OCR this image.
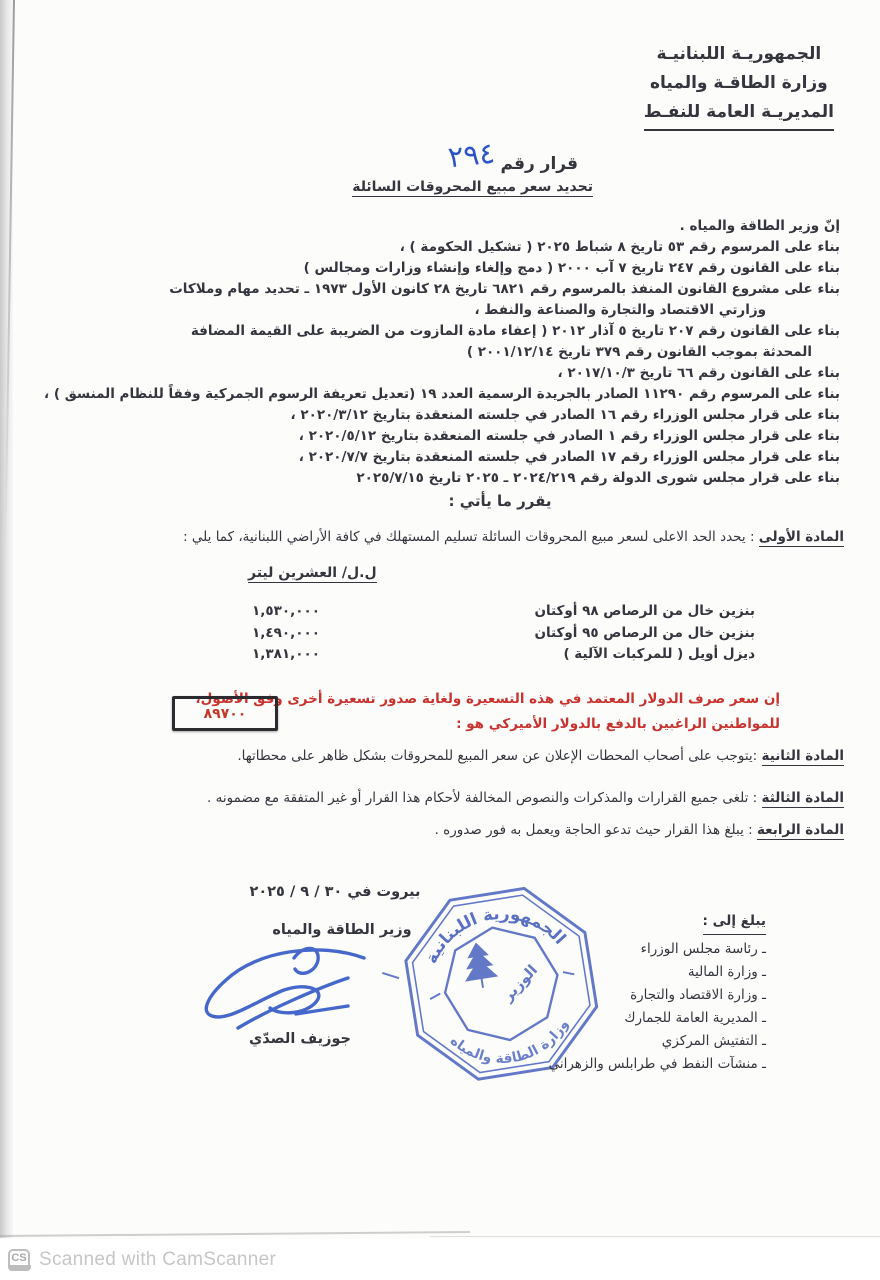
الجمهوريـة اللبنانيـة
وزارة الطاقـة والمياه
المديريـة العامة للنفـط
قرار رقم ٢٩٤
تحديد سعر مبيع المحروقات السائلة
إنّ وزير الطاقة والمياه .
بناء على المرسوم رقم ٥٣ تاريخ ٨ شباط ٢٠٢٥ ( تشكيل الحكومة ) ،
بناء على القانون رقم ٢٤٧ تاريخ ٧ آب ٢٠٠٠ ( دمج وإلغاء وإنشاء وزارات ومجالس )
بناء على مشروع القانون المنفذ بالمرسوم رقم ٦٨٢١ تاريخ ٢٨ كانون الأول ١٩٧٣ ـ تحديد مهام وملاكات
وزارتي الاقتصاد والتجارة والصناعة والنفط ،
بناء على القانون رقم ٢٠٧ تاريخ ٥ آذار ٢٠١٢ ( إعفاء مادة المازوت من الضريبة على القيمة المضافة
المحدثة بموجب القانون رقم ٣٧٩ تاريخ ٢٠٠١/١٢/١٤ )
بناء على القانون رقم ٦٦ تاريخ ٢٠١٧/١٠/٣ ،
بناء على المرسوم رقم ١١٢٩٠ الصادر بالجريدة الرسمية العدد ١٩ (تعديل تعريفة الرسوم الجمركية وفقاً للنظام المنسق ) ،
بناء على قرار مجلس الوزراء رقم ١٦ الصادر في جلسته المنعقدة بتاريخ ٢٠٢٠/٣/١٢ ،
بناء على قرار مجلس الوزراء رقم ١ الصادر في جلسته المنعقدة بتاريخ ٢٠٢٠/٥/١٢ ،
بناء على قرار مجلس الوزراء رقم ١٧ الصادر في جلسته المنعقدة بتاريخ ٢٠٢٠/٧/٧ ،
بناء على قرار مجلس شورى الدولة رقم ٢٠٢٤/٢١٩ ـ ٢٠٢٥ تاريخ ٢٠٢٥/٧/١٥
يقرر ما يأتي :
المادة الأولى : يحدد الحد الاعلى لسعر مبيع المحروقات السائلة تسليم المستهلك في كافة الأراضي اللبنانية، كما يلي :
ل.ل/ العشرين ليتر
بنزين خال من الرصاص ٩٨ أوكتان
١,٥٣٠,٠٠٠
بنزين خال من الرصاص ٩٥ أوكتان
١,٤٩٠,٠٠٠
ديزل أويل ( للمركبات الآلية )
١,٣٨١,٠٠٠
إن سعر صرف الدولار المعتمد في هذه التسعيرة ولغاية صدور تسعيرة أخرى وفق الأصول،
للمواطنين الراغبين بالدفع بالدولار الأميركي هو :
٨٩٧٠٠
المادة الثانية :يتوجب على أصحاب المحطات الإعلان عن سعر المبيع للمحروقات بشكل ظاهر على محطاتها.
المادة الثالثة : تلغى جميع القرارات والمذكرات والنصوص المخالفة لأحكام هذا القرار أو غير المتفقة مع مضمونه .
المادة الرابعة : يبلغ هذا القرار حيث تدعو الحاجة ويعمل به فور صدوره .
بيروت في ٣٠ / ٩ / ٢٠٢٥
وزير الطاقة والمياه
الجمهورية اللبنانية
وزارة الطاقة والمياه
الوزير
جوزيف الصدّي
يبلغ إلى :
ـ رئاسة مجلس الوزراء
ـ وزارة المالية
ـ وزارة الاقتصاد والتجارة
ـ المديرية العامة للجمارك
ـ التفتيش المركزي
ـ منشآت النفط في طرابلس والزهراني
CS Scanned with CamScanner
